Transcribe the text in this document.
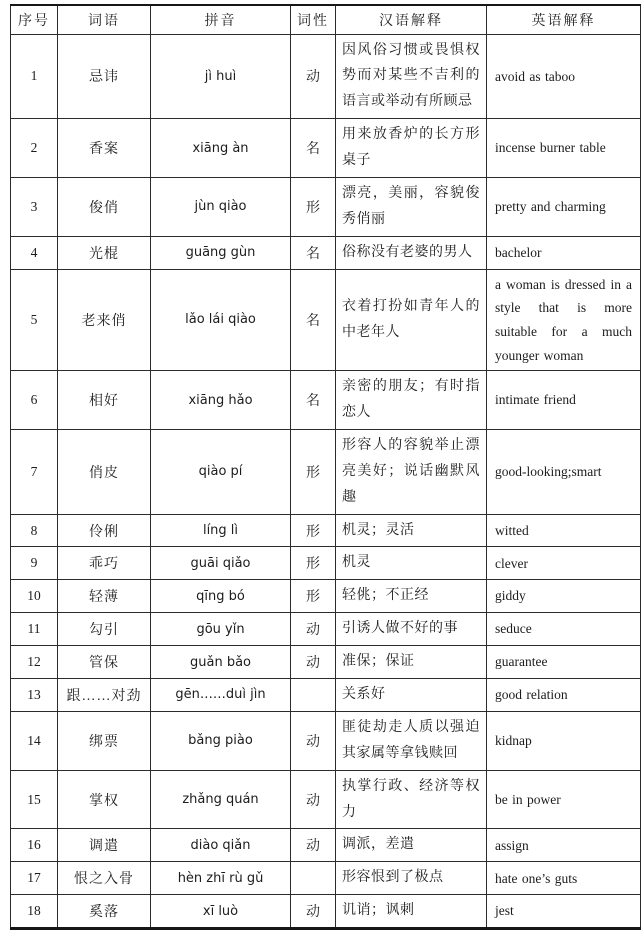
序号	词语	拼音	词性	汉语解释	英语解释
1	忌讳	jì huì	动	因风俗习惯或畏惧权势而对某些不吉利的语言或举动有所顾忌	avoid as taboo
2	香案	xiāng àn	名	用来放香炉的长方形桌子	incense burner table
3	俊俏	jùn qiào	形	漂亮，美丽，容貌俊秀俏丽	pretty and charming
4	光棍	guāng gùn	名	俗称没有老婆的男人	bachelor
5	老来俏	lǎo lái qiào	名	衣着打扮如青年人的中老年人	a woman is dressed in a style that is more suitable for a much younger woman
6	相好	xiāng hǎo	名	亲密的朋友；有时指恋人	intimate friend
7	俏皮	qiào pí	形	形容人的容貌举止漂亮美好；说话幽默风趣	good-looking;smart
8	伶俐	líng lì	形	机灵；灵活	witted
9	乖巧	guāi qiǎo	形	机灵	clever
10	轻薄	qīng bó	形	轻佻；不正经	giddy
11	勾引	gōu yǐn	动	引诱人做不好的事	seduce
12	管保	guǎn bǎo	动	准保；保证	guarantee
13	跟……对劲	gēn……duì jìn		关系好	good relation
14	绑票	bǎng piào	动	匪徒劫走人质以强迫其家属等拿钱赎回	kidnap
15	掌权	zhǎng quán	动	执掌行政、经济等权力	be in power
16	调遣	diào qiǎn	动	调派，差遣	assign
17	恨之入骨	hèn zhī rù gǔ		形容恨到了极点	hate one’s guts
18	奚落	xī luò	动	讥诮；讽刺	jest
